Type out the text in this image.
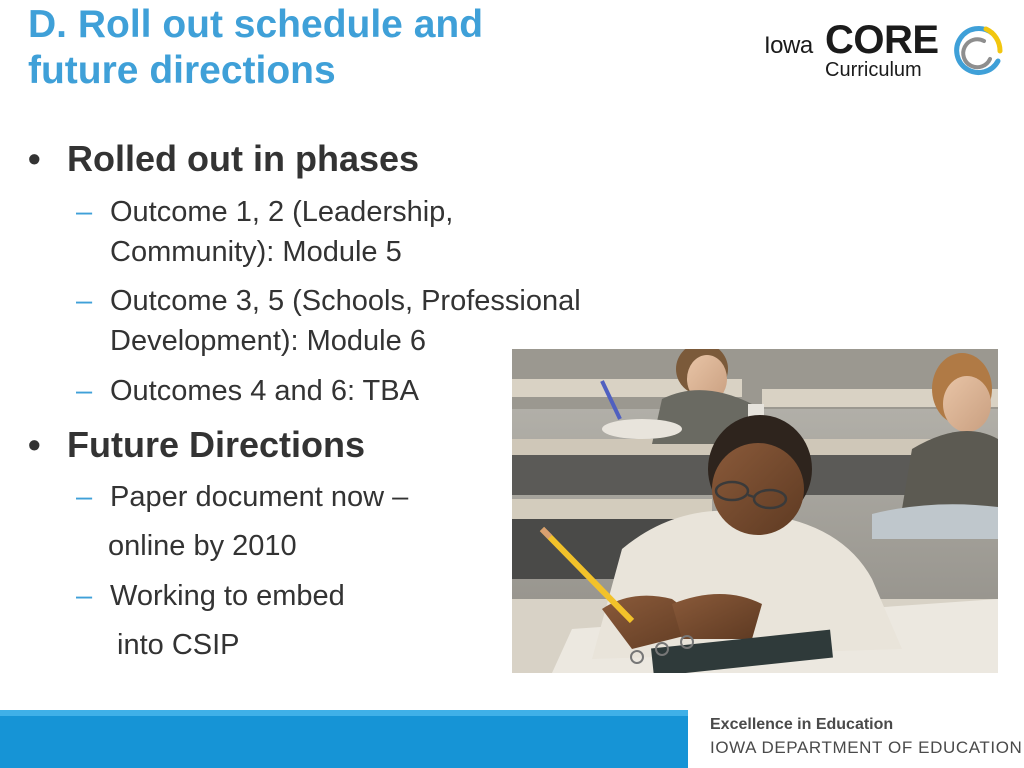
D. Roll out schedule and
future directions
Iowa CORE
Curriculum
• Rolled out in phases
– Outcome 1, 2 (Leadership,
Community): Module 5
– Outcome 3, 5 (Schools, Professional
Development): Module 6
– Outcomes 4 and 6: TBA
• Future Directions
– Paper document now –
online by 2010
– Working to embed
into CSIP
Excellence in Education
IOWA DEPARTMENT OF EDUCATION
